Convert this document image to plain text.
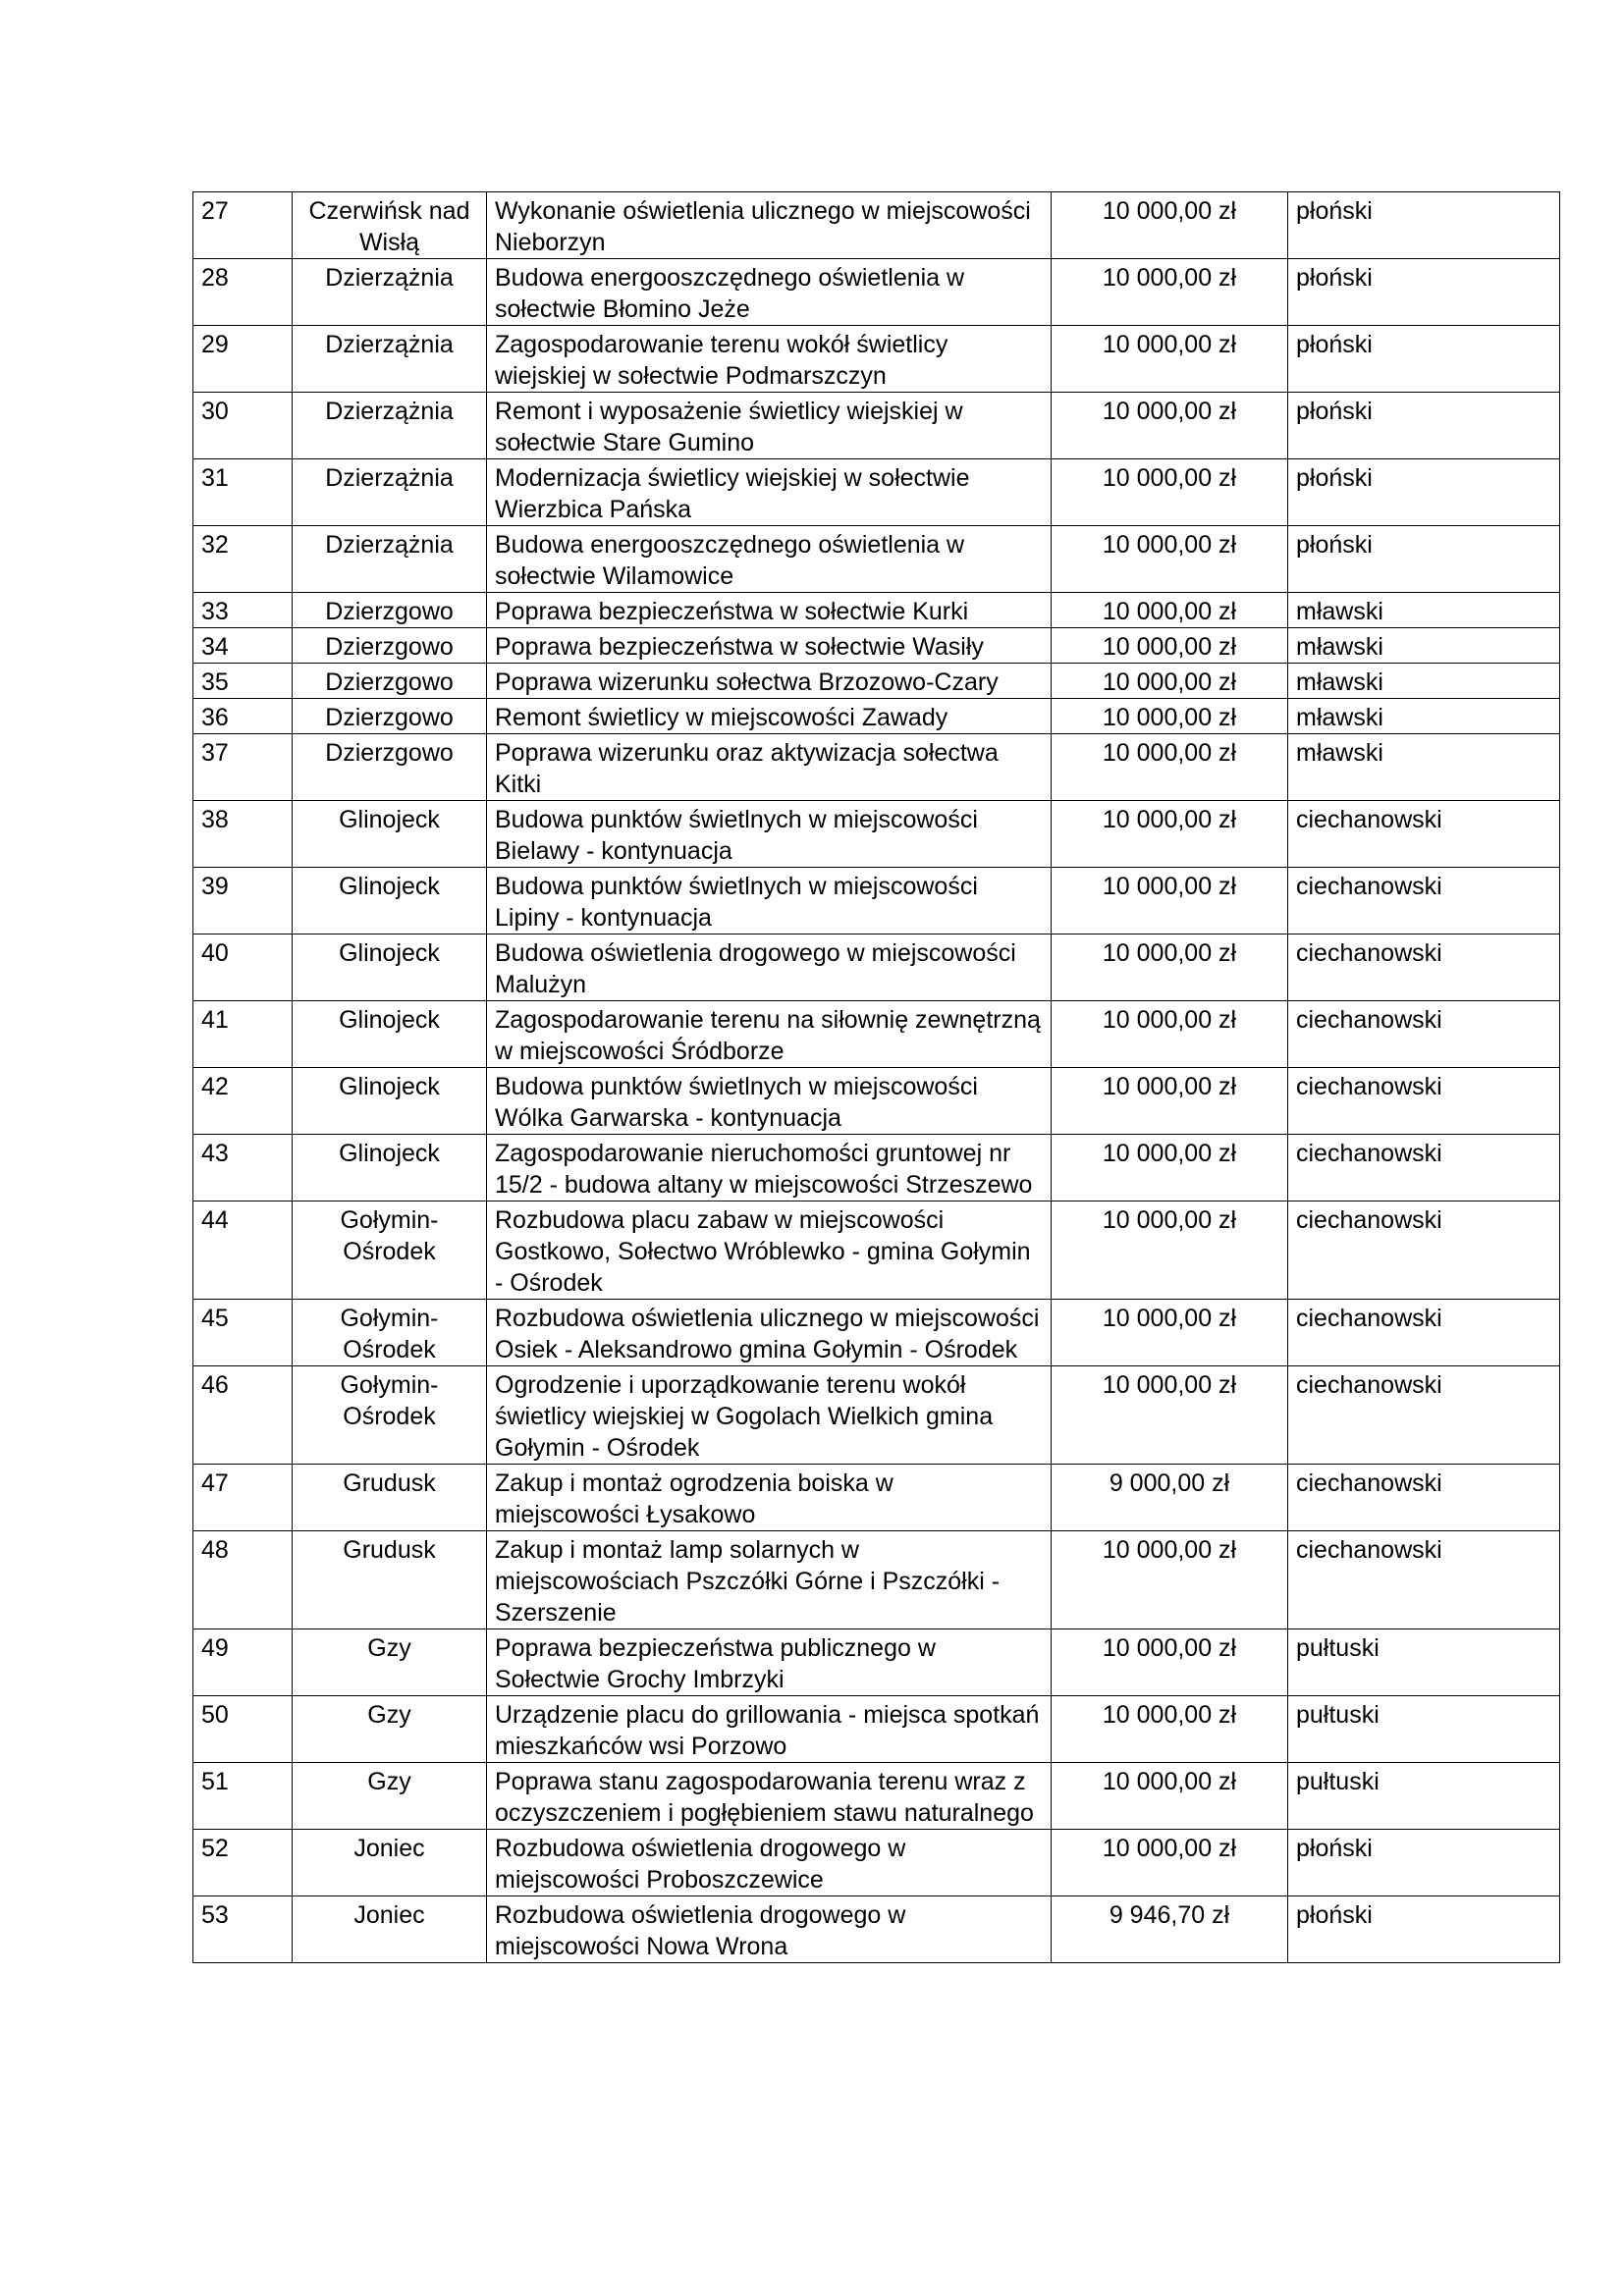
27	Czerwińsk nad Wisłą	Wykonanie oświetlenia ulicznego w miejscowości Nieborzyn	10 000,00 zł	płoński
28	Dzierzążnia	Budowa energooszczędnego oświetlenia w sołectwie Błomino Jeże	10 000,00 zł	płoński
29	Dzierzążnia	Zagospodarowanie terenu wokół świetlicy wiejskiej w sołectwie Podmarszczyn	10 000,00 zł	płoński
30	Dzierzążnia	Remont i wyposażenie świetlicy wiejskiej w sołectwie Stare Gumino	10 000,00 zł	płoński
31	Dzierzążnia	Modernizacja świetlicy wiejskiej w sołectwie Wierzbica Pańska	10 000,00 zł	płoński
32	Dzierzążnia	Budowa energooszczędnego oświetlenia w sołectwie Wilamowice	10 000,00 zł	płoński
33	Dzierzgowo	Poprawa bezpieczeństwa w sołectwie Kurki	10 000,00 zł	mławski
34	Dzierzgowo	Poprawa bezpieczeństwa w sołectwie Wasiły	10 000,00 zł	mławski
35	Dzierzgowo	Poprawa wizerunku sołectwa Brzozowo-Czary	10 000,00 zł	mławski
36	Dzierzgowo	Remont świetlicy w miejscowości Zawady	10 000,00 zł	mławski
37	Dzierzgowo	Poprawa wizerunku oraz aktywizacja sołectwa Kitki	10 000,00 zł	mławski
38	Glinojeck	Budowa punktów świetlnych w miejscowości Bielawy - kontynuacja	10 000,00 zł	ciechanowski
39	Glinojeck	Budowa punktów świetlnych w miejscowości Lipiny - kontynuacja	10 000,00 zł	ciechanowski
40	Glinojeck	Budowa oświetlenia drogowego w miejscowości Malużyn	10 000,00 zł	ciechanowski
41	Glinojeck	Zagospodarowanie terenu na siłownię zewnętrzną w miejscowości Śródborze	10 000,00 zł	ciechanowski
42	Glinojeck	Budowa punktów świetlnych w miejscowości Wólka Garwarska - kontynuacja	10 000,00 zł	ciechanowski
43	Glinojeck	Zagospodarowanie nieruchomości gruntowej nr 15/2 - budowa altany w miejscowości Strzeszewo	10 000,00 zł	ciechanowski
44	Gołymin-Ośrodek	Rozbudowa placu zabaw w miejscowości Gostkowo, Sołectwo Wróblewko - gmina Gołymin - Ośrodek	10 000,00 zł	ciechanowski
45	Gołymin-Ośrodek	Rozbudowa oświetlenia ulicznego w miejscowości Osiek - Aleksandrowo gmina Gołymin - Ośrodek	10 000,00 zł	ciechanowski
46	Gołymin-Ośrodek	Ogrodzenie i uporządkowanie terenu wokół świetlicy wiejskiej w Gogolach Wielkich gmina Gołymin - Ośrodek	10 000,00 zł	ciechanowski
47	Grudusk	Zakup i montaż ogrodzenia boiska w miejscowości Łysakowo	9 000,00 zł	ciechanowski
48	Grudusk	Zakup i montaż lamp solarnych w miejscowościach Pszczółki Górne i Pszczółki - Szerszenie	10 000,00 zł	ciechanowski
49	Gzy	Poprawa bezpieczeństwa publicznego w Sołectwie Grochy Imbrzyki	10 000,00 zł	pułtuski
50	Gzy	Urządzenie placu do grillowania - miejsca spotkań mieszkańców wsi Porzowo	10 000,00 zł	pułtuski
51	Gzy	Poprawa stanu zagospodarowania terenu wraz z oczyszczeniem i pogłębieniem stawu naturalnego	10 000,00 zł	pułtuski
52	Joniec	Rozbudowa oświetlenia drogowego w miejscowości Proboszczewice	10 000,00 zł	płoński
53	Joniec	Rozbudowa oświetlenia drogowego w miejscowości Nowa Wrona	9 946,70 zł	płoński
